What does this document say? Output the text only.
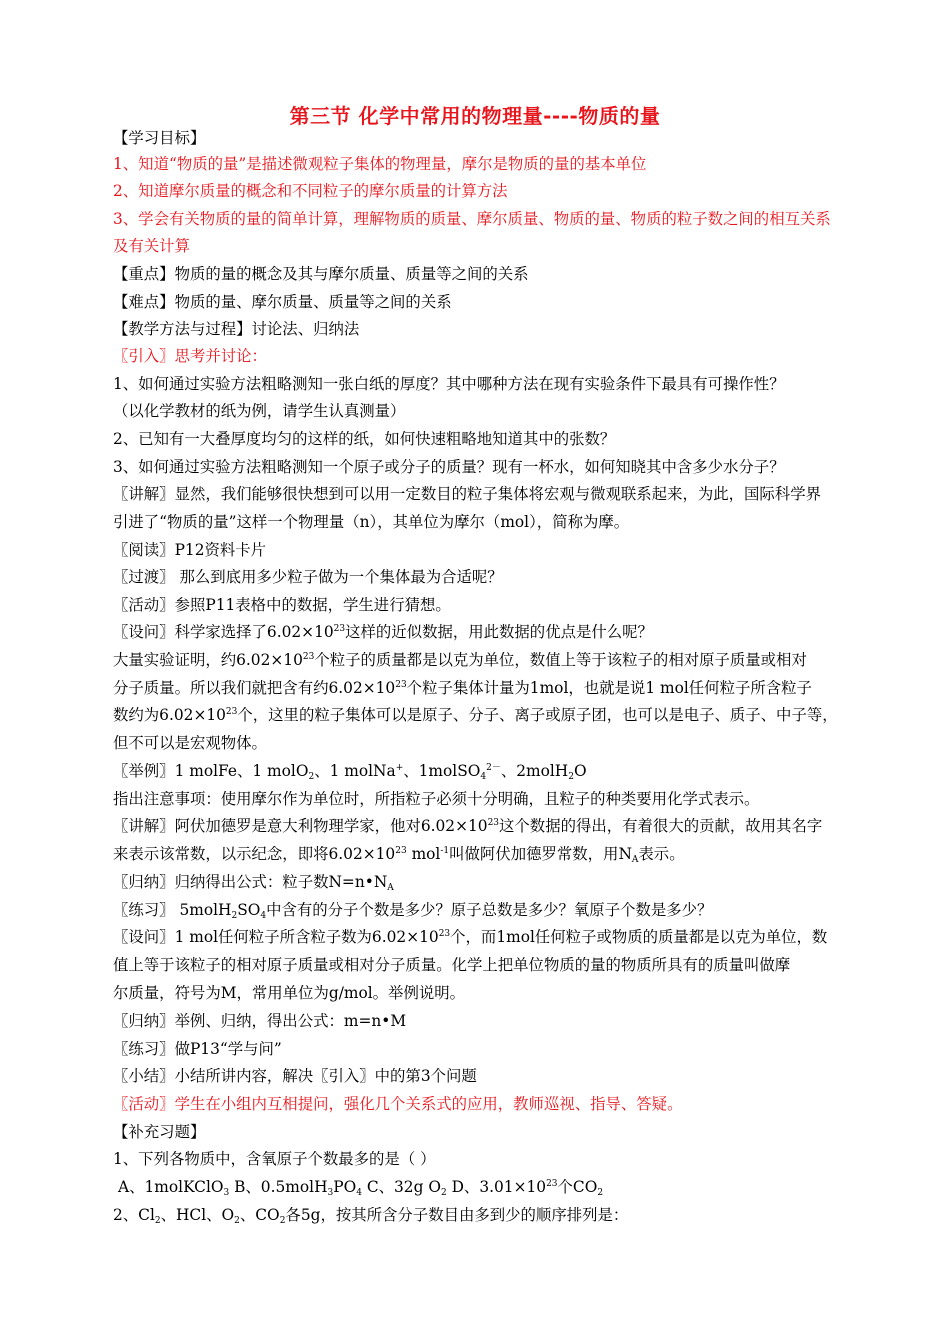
第三节 化学中常用的物理量----物质的量
【学习目标】
1、知道“物质的量”是描述微观粒子集体的物理量，摩尔是物质的量的基本单位
2、知道摩尔质量的概念和不同粒子的摩尔质量的计算方法
3、学会有关物质的量的简单计算，理解物质的质量、摩尔质量、物质的量、物质的粒子数之间的相互关系
及有关计算
【重点】物质的量的概念及其与摩尔质量、质量等之间的关系
【难点】物质的量、摩尔质量、质量等之间的关系
【教学方法与过程】讨论法、归纳法
〖引入〗思考并讨论：
1、如何通过实验方法粗略测知一张白纸的厚度？其中哪种方法在现有实验条件下最具有可操作性？
（以化学教材的纸为例，请学生认真测量）
2、已知有一大叠厚度均匀的这样的纸，如何快速粗略地知道其中的张数？
3、如何通过实验方法粗略测知一个原子或分子的质量？现有一杯水，如何知晓其中含多少水分子？
〖讲解〗显然，我们能够很快想到可以用一定数目的粒子集体将宏观与微观联系起来，为此，国际科学界
引进了“物质的量”这样一个物理量（n），其单位为摩尔（mol），简称为摩。
〖阅读〗P12资料卡片
〖过渡〗 那么到底用多少粒子做为一个集体最为合适呢？
〖活动〗参照P11表格中的数据，学生进行猜想。
〖设问〗科学家选择了$6.02\times 10^{23}$这样的近似数据，用此数据的优点是什么呢？
大量实验证明，约$6.02\times 10^{23}$个粒子的质量都是以克为单位，数值上等于该粒子的相对原子质量或相对
分子质量。所以我们就把含有约$6.02\times 10^{23}$个粒子集体计量为1mol，也就是说1 mol任何粒子所含粒子
数约为$6.02\times 10^{23}$个，这里的粒子集体可以是原子、分子、离子或原子团，也可以是电子、质子、中子等，
但不可以是宏观物体。
〖举例〗1 molFe、1 molO$_2$、1 molNa+、1molSO$_4^{2-}$、2molH$_2$O
指出注意事项：使用摩尔作为单位时，所指粒子必须十分明确，且粒子的种类要用化学式表示。
〖讲解〗阿伏加德罗是意大利物理学家，他对$6.02\times 10^{23}$这个数据的得出，有着很大的贡献，故用其名字
来表示该常数，以示纪念，即将$6.02\times 10^{23}$ mol$^{-1}$叫做阿伏加德罗常数，用$N_A$表示。
〖归纳〗归纳得出公式：粒子数$N=n•N_A$
〖练习〗 $5molH_2SO_4$中含有的分子个数是多少？原子总数是多少？氧原子个数是多少？
〖设问〗1 mol任何粒子所含粒子数为$6.02\times 10^{23}$个，而1mol任何粒子或物质的质量都是以克为单位，数
值上等于该粒子的相对原子质量或相对分子质量。化学上把单位物质的量的物质所具有的质量叫做摩
尔质量，符号为M，常用单位为g/mol。举例说明。
〖归纳〗举例、归纳，得出公式：m=n•M
〖练习〗做P13“学与问”
〖小结〗小结所讲内容，解决〖引入〗中的第3个问题
〖活动〗学生在小组内互相提问，强化几个关系式的应用，教师巡视、指导、答疑。
【补充习题】
1、下列各物质中，含氧原子个数最多的是（ ）
A、1molKClO$_3$ B、$0.5molH_3PO_4$ C、32g $O_2$ D、$3.01\times 10^{23}$个$CO_2$
2、$Cl_2$、HCl、$O_2$、$CO_2$各5g，按其所含分子数目由多到少的顺序排列是：
